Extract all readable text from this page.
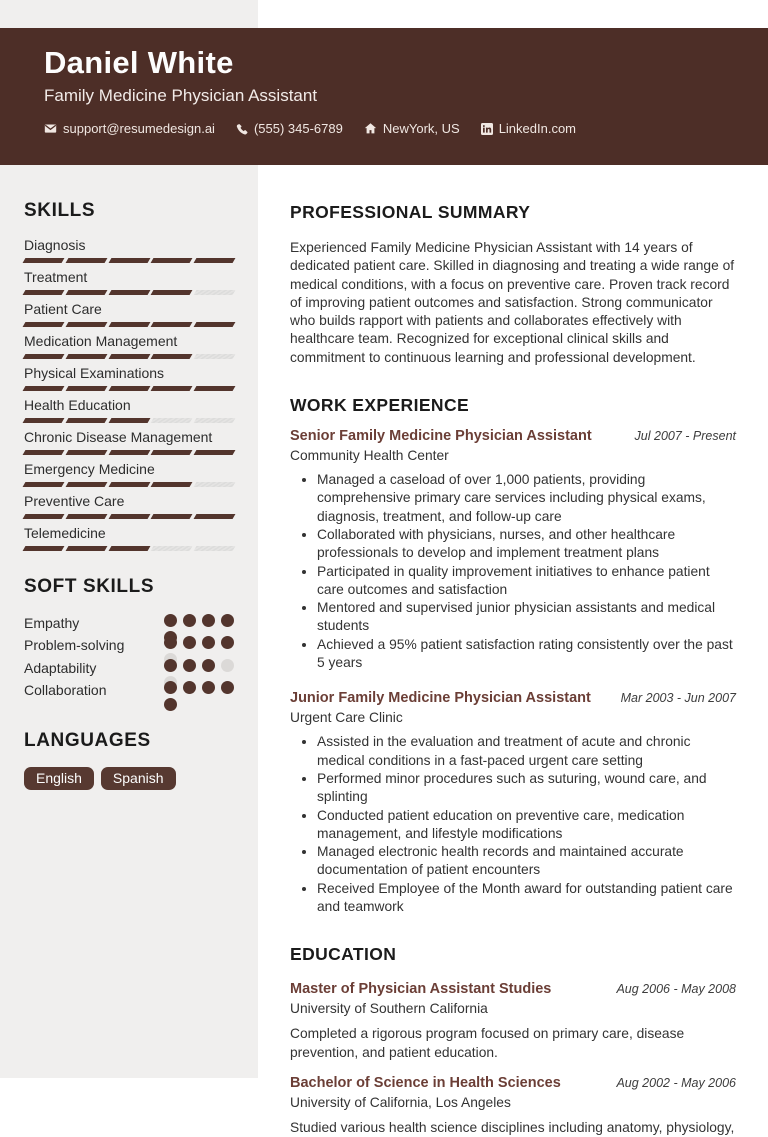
Daniel White
Family Medicine Physician Assistant
support@resumedesign.ai	(555) 345-6789	NewYork, US	LinkedIn.com
SKILLS
Diagnosis
Treatment
Patient Care
Medication Management
Physical Examinations
Health Education
Chronic Disease Management
Emergency Medicine
Preventive Care
Telemedicine
SOFT SKILLS
Empathy
Problem-solving
Adaptability
Collaboration
LANGUAGES
English	Spanish
PROFESSIONAL SUMMARY

Experienced Family Medicine Physician Assistant with 14 years of dedicated patient care. Skilled in diagnosing and treating a wide range of medical conditions, with a focus on preventive care. Proven track record of improving patient outcomes and satisfaction. Strong communicator who builds rapport with patients and collaborates effectively with healthcare team. Recognized for exceptional clinical skills and commitment to continuous learning and professional development.

WORK EXPERIENCE
Senior Family Medicine Physician Assistant	Jul 2007 - Present
Community Health Center
• Managed a caseload of over 1,000 patients, providing comprehensive primary care services including physical exams, diagnosis, treatment, and follow-up care
• Collaborated with physicians, nurses, and other healthcare professionals to develop and implement treatment plans
• Participated in quality improvement initiatives to enhance patient care outcomes and satisfaction
• Mentored and supervised junior physician assistants and medical students
• Achieved a 95% patient satisfaction rating consistently over the past 5 years
Junior Family Medicine Physician Assistant	Mar 2003 - Jun 2007
Urgent Care Clinic
• Assisted in the evaluation and treatment of acute and chronic medical conditions in a fast-paced urgent care setting
• Performed minor procedures such as suturing, wound care, and splinting
• Conducted patient education on preventive care, medication management, and lifestyle modifications
• Managed electronic health records and maintained accurate documentation of patient encounters
• Received Employee of the Month award for outstanding patient care and teamwork
EDUCATION
Master of Physician Assistant Studies	Aug 2006 - May 2008
University of Southern California

Completed a rigorous program focused on primary care, disease prevention, and patient education.

Bachelor of Science in Health Sciences	Aug 2002 - May 2006
University of California, Los Angeles

Studied various health science disciplines including anatomy, physiology,
